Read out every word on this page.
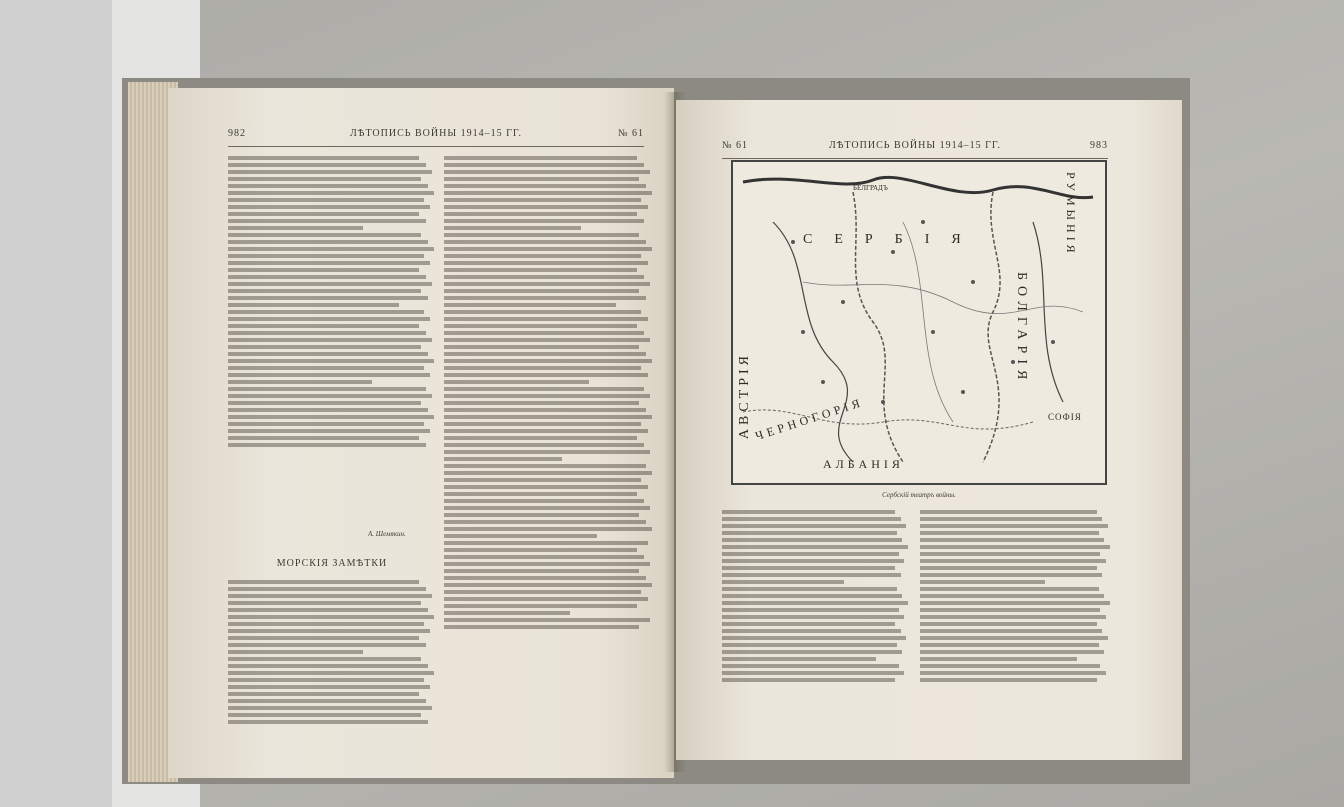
982	ЛѢТОПИСЬ ВОЙНЫ 1914–15 ГГ.	№ 61
А. Шемякин.
МОРСКІЯ ЗАМѢТКИ
№ 61	ЛѢТОПИСЬ ВОЙНЫ 1914–15 ГГ.	983
АВСТРІЯ
СЕРБІЯ	РУМЫНІЯ
БОЛГАРІЯ
ЧЕРНОГОРІЯ
АЛБАНІЯ
СОФІЯ
БЕЛГРАДЪ
Сербскій театръ войны.
